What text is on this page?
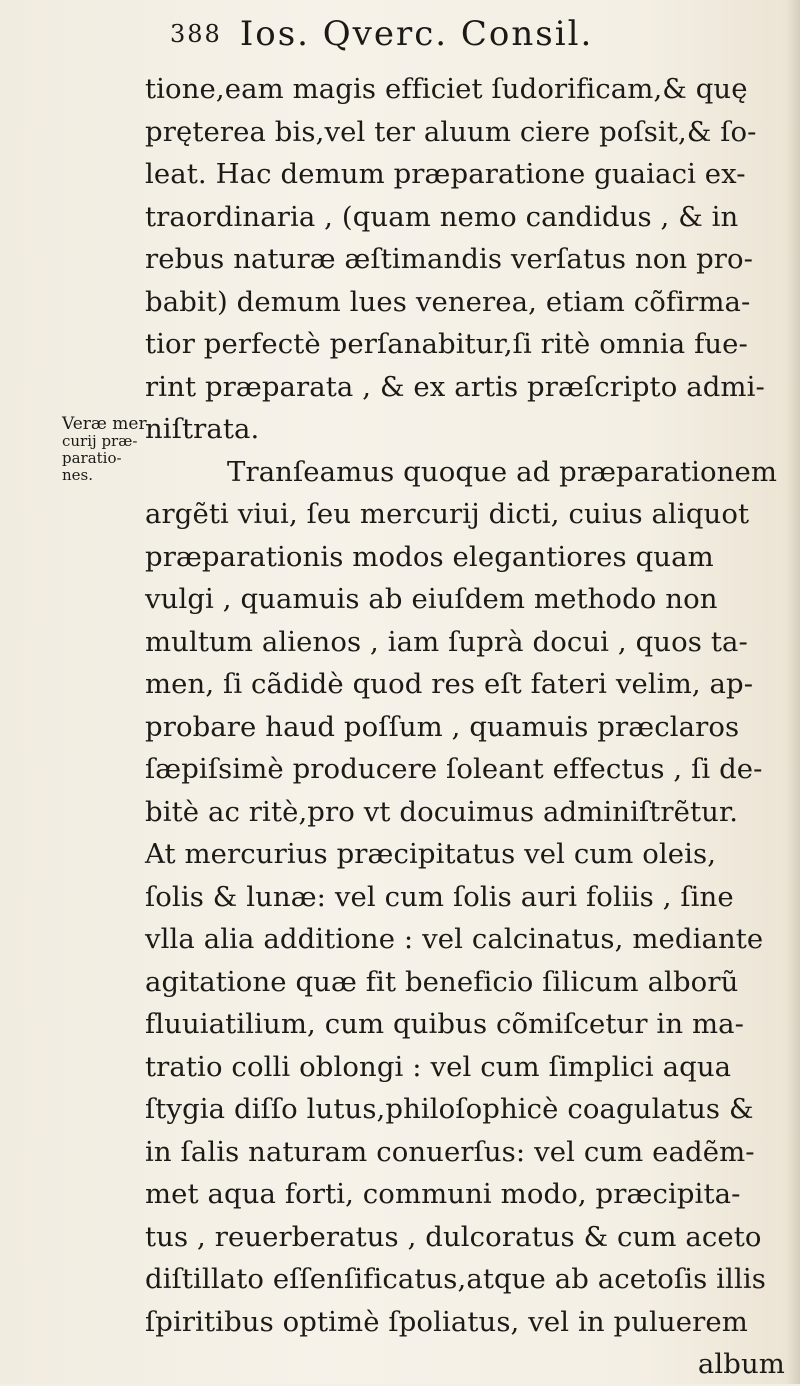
388 Ios. Qverc. Consil.
Veræ mer
curij præ-
paratio-
nes.
tione,eam magis efficiet ſudorificam,& quę
pręterea bis,vel ter aluum ciere poſsit,& ſo-
leat. Hac demum præparatione guaiaci ex-
traordinaria , (quam nemo candidus , & in
rebus naturæ æſtimandis verſatus non pro-
babit) demum lues venerea, etiam cõfirma-
tior perfectè perſanabitur,ſi ritè omnia fue-
rint præparata , & ex artis præſcripto admi-
niſtrata.
Tranſeamus quoque ad præparationem
argẽti viui, ſeu mercurij dicti, cuius aliquot
præparationis modos elegantiores quam
vulgi , quamuis ab eiuſdem methodo non
multum alienos , iam ſuprà docui , quos ta-
men, ſi cãdidè quod res eſt fateri velim, ap-
probare haud poſſum , quamuis præclaros
ſæpiſsimè producere ſoleant effectus , ſi de-
bitè ac ritè,pro vt docuimus adminiſtrẽtur.
At mercurius præcipitatus vel cum oleis,
ſolis & lunæ: vel cum ſolis auri foliis , ſine
vlla alia additione : vel calcinatus, mediante
agitatione quæ fit beneficio ſilicum alborũ
fluuiatilium, cum quibus cõmiſcetur in ma-
tratio colli oblongi : vel cum ſimplici aqua
ſtygia diſſo lutus,philoſophicè coagulatus &
in ſalis naturam conuerſus: vel cum eadẽm-
met aqua forti, communi modo, præcipita-
tus , reuerberatus , dulcoratus & cum aceto
diſtillato eſſenſificatus,atque ab acetoſis illis
ſpiritibus optimè ſpoliatus, vel in puluerem
album
